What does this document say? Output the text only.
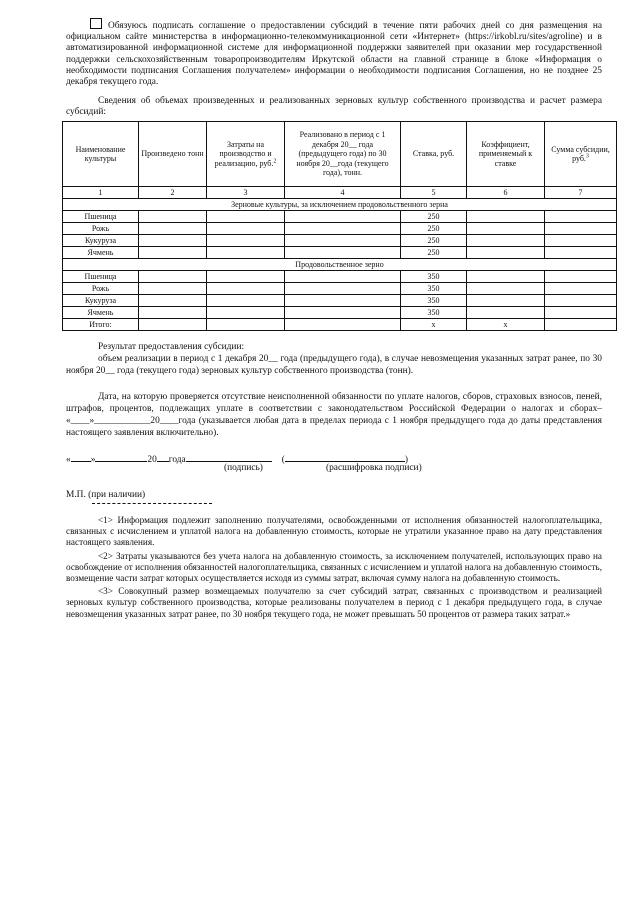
Обязуюсь подписать соглашение о предоставлении субсидий в течение пяти рабочих дней со дня размещения на официальном сайте министерства в информационно-телекоммуникационной сети «Интернет» (https://irkobl.ru/sites/agroline) и в автоматизированной информационной системе для информационной поддержки заявителей при оказании мер государственной поддержки сельскохозяйственным товаропроизводителям Иркутской области на главной странице в блоке «Информация о необходимости подписания Соглашения получателем» информации о необходимости подписания Соглашения, но не позднее 25 декабря текущего года.
Сведения об объемах произведенных и реализованных зерновых культур собственного производства и расчет размера субсидий:
Наименование культуры	Произведено тонн	Затраты на производство и реализацию, руб.$^2$	Реализовано в период с 1 декабря 20__ года (предыдущего года) по 30 ноября 20__года (текущего года), тонн.	Ставка, руб.	Коэффициент, применяемый к ставке	Сумма субсидии, руб.$^3$
1	2	3	4	5	6	7
Зерновые культуры, за исключением продовольственного зерна						
Пшеница				250		
Рожь				250		
Кукуруза				250		
Ячмень				250		
Продовольственное зерно						
Пшеница				350		
Рожь				350		
Кукуруза				350		
Ячмень				350		
Итого:				x	x	

Результат предоставления субсидии:

объем реализации в период с 1 декабря 20__ года (предыдущего года), в случае невозмещения указанных затрат ранее, по 30 ноября 20__ года (текущего года) зерновых культур собственного производства (тонн).

Дата, на которую проверяется отсутствие неисполненной обязанности по уплате налогов, сборов, страховых взносов, пеней, штрафов, процентов, подлежащих уплате в соответствии с законодательством Российской Федерации о налогах и сборах– «____»____________20____года (указывается любая дата в пределах периода с 1 ноября предыдущего года до даты представления настоящего заявления включительно).
« »	20 года	(	)
(подпись)	(расшифровка подписи)
М.П. (при наличии)

<1> Информация подлежит заполнению получателями, освобожденными от исполнения обязанностей налогоплательщика, связанных с исчислением и уплатой налога на добавленную стоимость, которые не утратили указанное право на дату представления настоящего заявления.

<2> Затраты указываются без учета налога на добавленную стоимость, за исключением получателей, использующих право на освобождение от исполнения обязанностей налогоплательщика, связанных с исчислением и уплатой налога на добавленную стоимость, возмещение части затрат которых осуществляется исходя из суммы затрат, включая сумму налога на добавленную стоимость.

<3> Совокупный размер возмещаемых получателю за счет субсидий затрат, связанных с производством и реализацией зерновых культур собственного производства, которые реализованы получателем в период с 1 декабря предыдущего года, в случае невозмещения указанных затрат ранее, по 30 ноября текущего года, не может превышать 50 процентов от размера таких затрат.»
